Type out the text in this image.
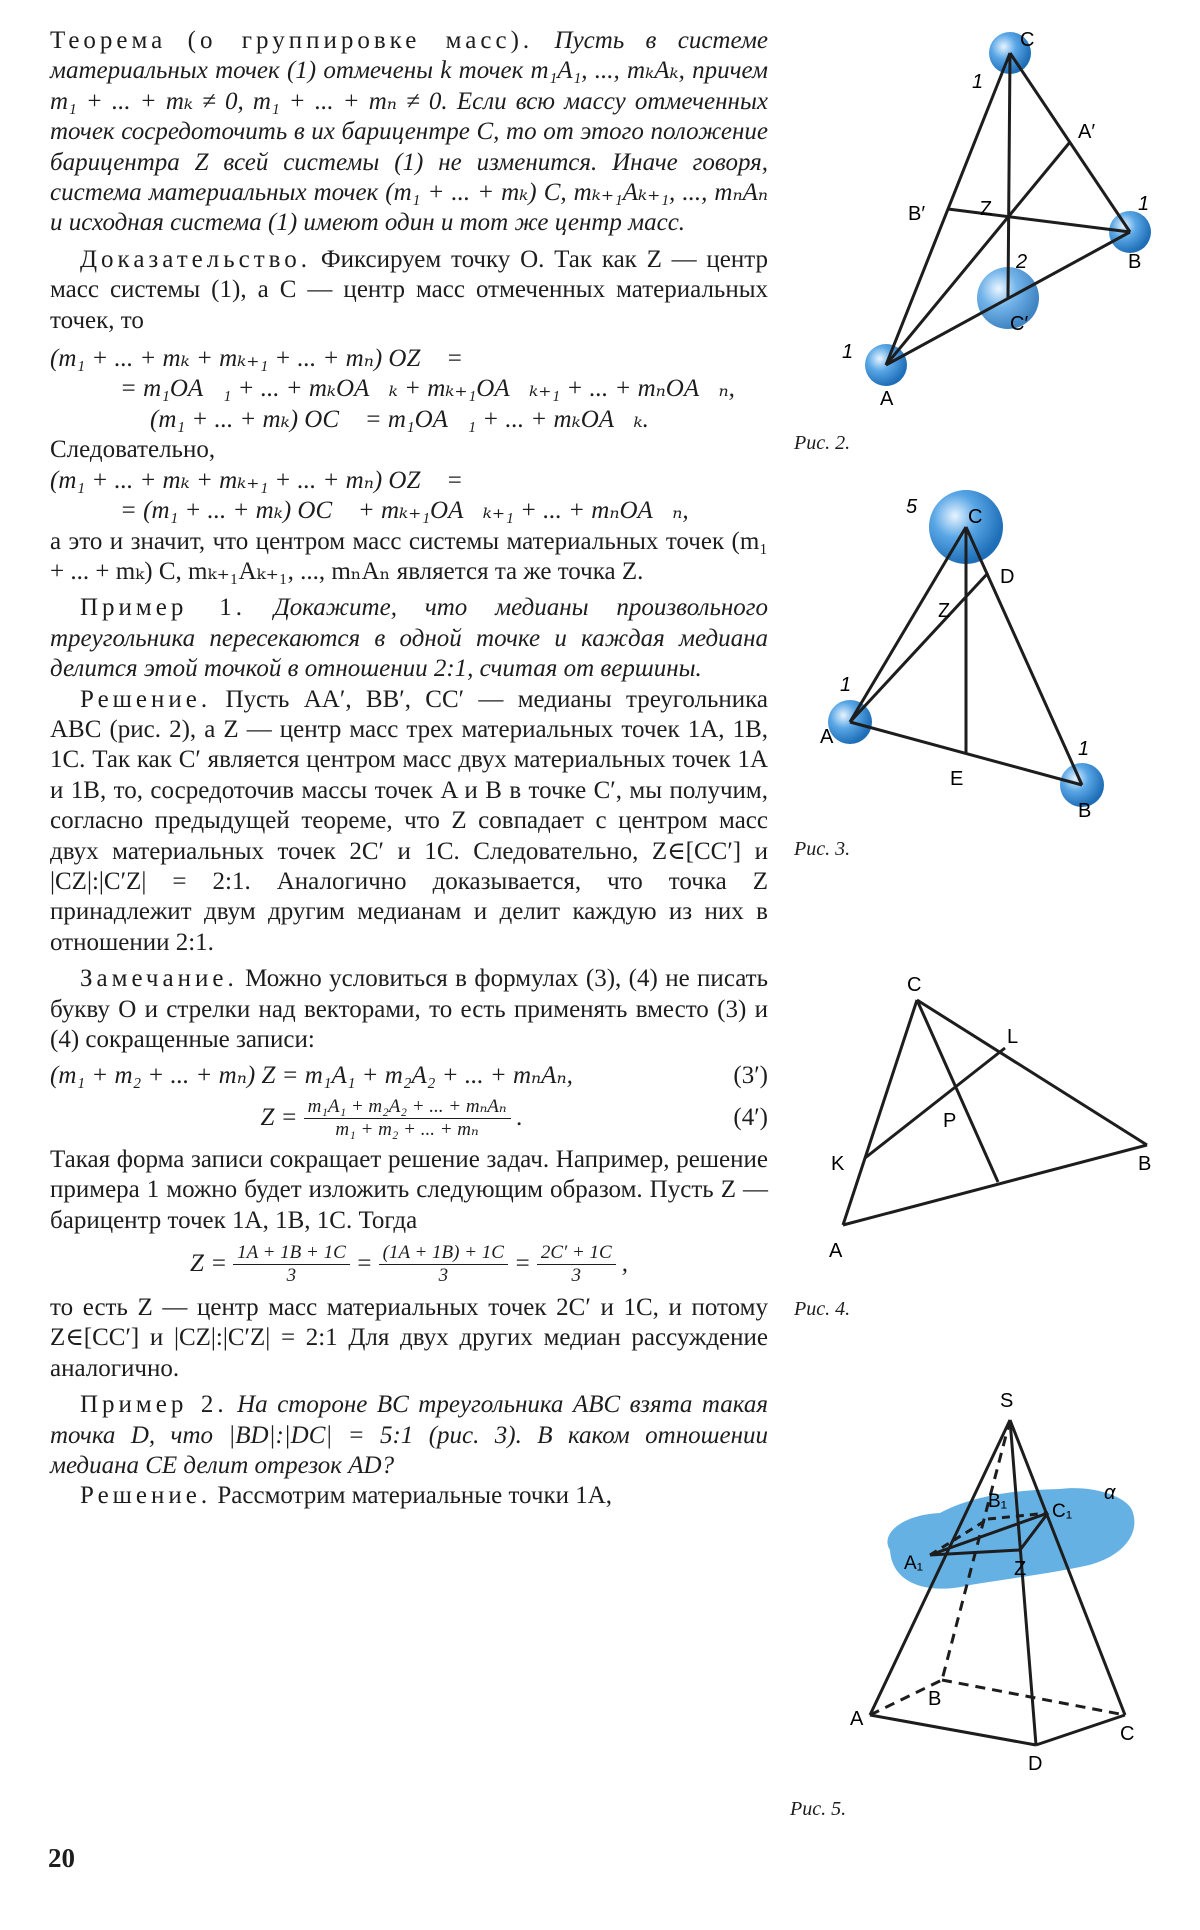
Теорема (о группировке масс). Пусть в системе материальных точек (1) отмечены k точек m₁A₁, ..., mₖAₖ, причем m₁ + ... + mₖ ≠ 0, m₁ + ... + mₙ ≠ 0. Если всю массу отмеченных точек сосредоточить в их барицентре C, то от этого положение барицентра Z всей системы (1) не изменится. Иначе говоря, система материальных точек (m₁ + ... + mₖ) C, mₖ₊₁Aₖ₊₁, ..., mₙAₙ и исходная система (1) имеют один и тот же центр масс.

Доказательство. Фиксируем точку O. Так как Z — центр масс системы (1), а C — центр масс отмеченных материальных точек, то

(m₁ + ... + mₖ + mₖ₊₁ + ... + mₙ) OZ⃗ =

= m₁OA⃗₁ + ... + mₖOA⃗ₖ + mₖ₊₁OA⃗ₖ₊₁ + ... + mₙOA⃗ₙ,

(m₁ + ... + mₖ) OC⃗ = m₁OA⃗₁ + ... + mₖOA⃗ₖ.

Следовательно,

(m₁ + ... + mₖ + mₖ₊₁ + ... + mₙ) OZ⃗ =

= (m₁ + ... + mₖ) OC⃗ + mₖ₊₁OA⃗ₖ₊₁ + ... + mₙOA⃗ₙ,

а это и значит, что центром масс системы материальных точек (m₁ + ... + mₖ) C, mₖ₊₁Aₖ₊₁, ..., mₙAₙ является та же точка Z.

Пример 1. Докажите, что медианы произвольного треугольника пересекаются в одной точке и каждая медиана делится этой точкой в отношении 2:1, считая от вершины.

Решение. Пусть AA′, BB′, CC′ — медианы треугольника ABC (рис. 2), а Z — центр масс трех материальных точек 1A, 1B, 1C. Так как C′ является центром масс двух материальных точек 1A и 1B, то, сосредоточив массы точек A и B в точке C′, мы получим, согласно предыдущей теореме, что Z совпадает с центром масс двух материальных точек 2C′ и 1C. Следовательно, Z∈[CC′] и |CZ|:|C′Z| = 2:1. Аналогично доказывается, что точка Z принадлежит двум другим медианам и делит каждую из них в отношении 2:1.

Замечание. Можно условиться в формулах (3), (4) не писать букву O и стрелки над векторами, то есть применять вместо (3) и (4) сокращенные записи:

(m₁ + m₂ + ... + mₙ) Z = m₁A₁ + m₂A₂ + ... + mₙAₙ,	(3′)
$Z = \frac{\text{m₁A₁ + m₂A₂ + ... + mₙAₙ}}{\text{m₁ + m₂ + ... + mₙ}}$ .	(4′)

Такая форма записи сокращает решение задач. Например, решение примера 1 можно будет изложить следующим образом. Пусть Z — барицентр точек 1A, 1B, 1C. Тогда

$Z = \frac{1A + 1B + 1C}{3} = \frac{(1A + 1B) + 1C}{3} = \frac{2C' + 1C}{3}$ ,

то есть Z — центр масс материальных точек 2C′ и 1C, и потому Z∈[CC′] и |CZ|:|C′Z| = 2:1 Для двух других медиан рассуждение аналогично.

Пример 2. На стороне BC треугольника ABC взята такая точка D, что |BD|:|DC| = 5:1 (рис. 3). В каком отношении медиана CE делит отрезок AD?

Решение. Рассмотрим материальные точки 1A,

20
C
A′
B′	Z
B
C′
A
1
1
1
2
Рис. 2.
C
D
Z
A
E
B
5
1
1
Рис. 3.
C
L
P
K	B
A
Рис. 4.
S
B₁ C₁
α
A₁	Z
A
B
C
D
Рис. 5.
